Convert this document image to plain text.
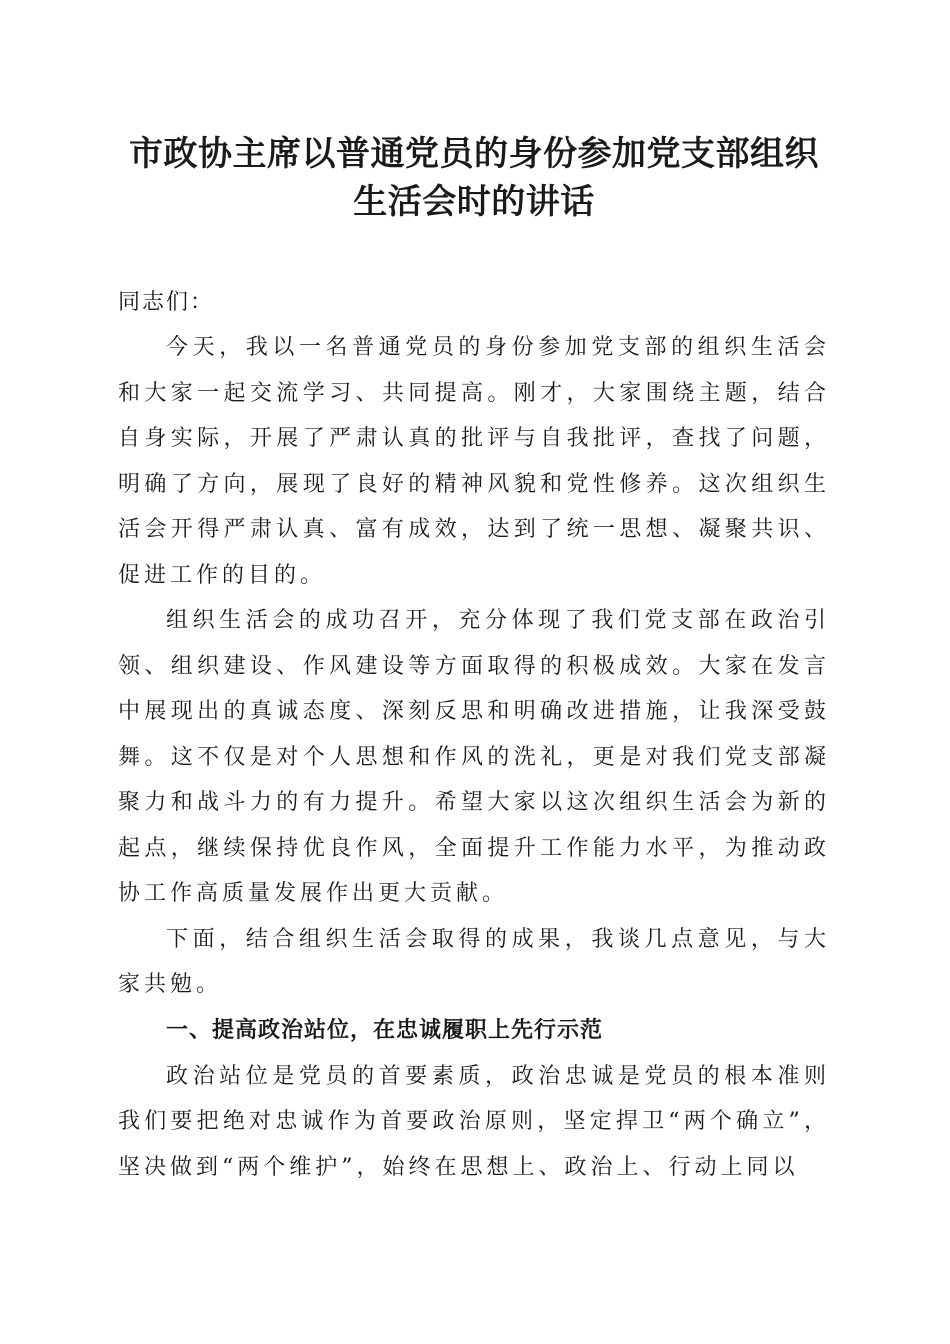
市政协主席以普通党员的身份参加党支部组织生活会时的讲话

同志们：

今天，我以一名普通党员的身份参加党支部的组织生活会和大家一起交流学习、共同提高。刚才，大家围绕主题，结合自身实际，开展了严肃认真的批评与自我批评，查找了问题，明确了方向，展现了良好的精神风貌和党性修养。这次组织生活会开得严肃认真、富有成效，达到了统一思想、凝聚共识、促进工作的目的。

组织生活会的成功召开，充分体现了我们党支部在政治引领、组织建设、作风建设等方面取得的积极成效。大家在发言中展现出的真诚态度、深刻反思和明确改进措施，让我深受鼓舞。这不仅是对个人思想和作风的洗礼，更是对我们党支部凝聚力和战斗力的有力提升。希望大家以这次组织生活会为新的起点，继续保持优良作风，全面提升工作能力水平，为推动政协工作高质量发展作出更大贡献。

下面，结合组织生活会取得的成果，我谈几点意见，与大家共勉。

一、提高政治站位，在忠诚履职上先行示范

政治站位是党员的首要素质，政治忠诚是党员的根本准则我们要把绝对忠诚作为首要政治原则，坚定捍卫“两个确立”，坚决做到“两个维护”，始终在思想上、政治上、行动上同以
